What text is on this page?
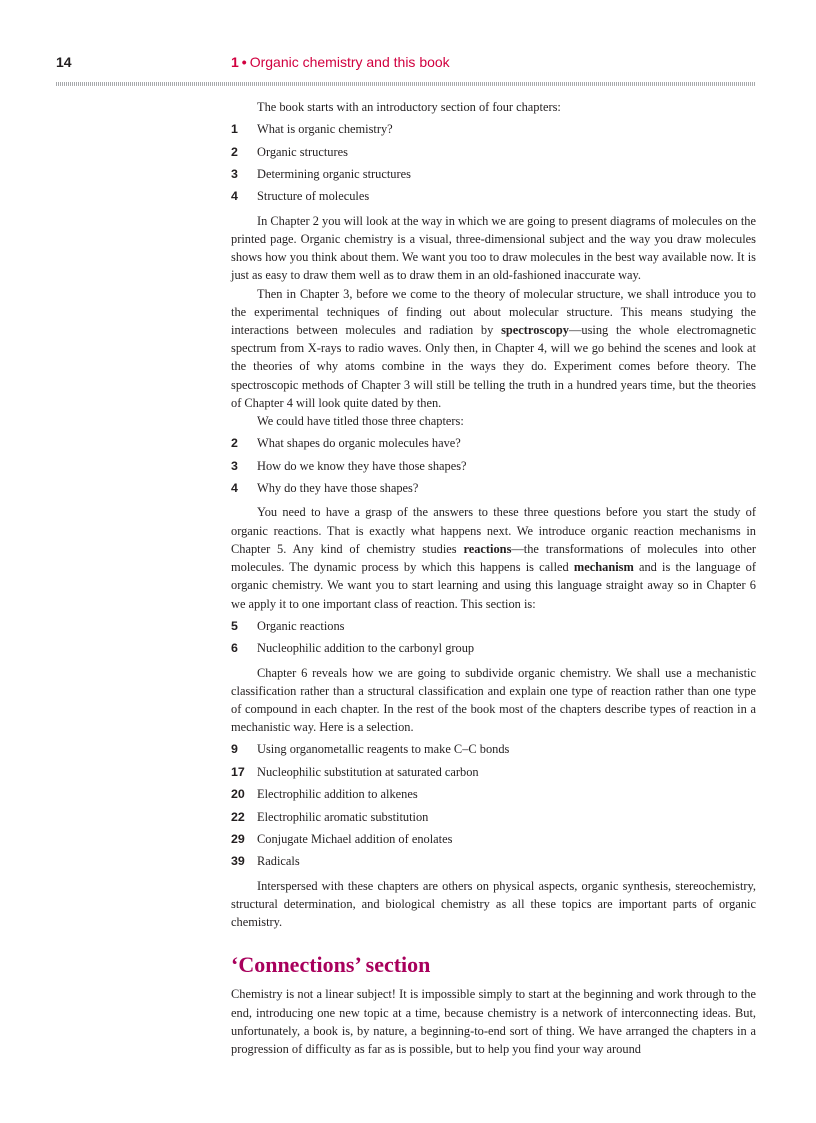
14	1 • Organic chemistry and this book

The book starts with an introductory section of four chapters:

1	What is organic chemistry?
2	Organic structures
3	Determining organic structures
4	Structure of molecules

In Chapter 2 you will look at the way in which we are going to present diagrams of molecules on the printed page. Organic chemistry is a visual, three-dimensional subject and the way you draw molecules shows how you think about them. We want you too to draw molecules in the best way available now. It is just as easy to draw them well as to draw them in an old-fashioned inaccurate way.

Then in Chapter 3, before we come to the theory of molecular structure, we shall introduce you to the experimental techniques of finding out about molecular structure. This means studying the interactions between molecules and radiation by spectroscopy—using the whole electromagnetic spectrum from X-rays to radio waves. Only then, in Chapter 4, will we go behind the scenes and look at the theories of why atoms combine in the ways they do. Experiment comes before theory. The spectroscopic methods of Chapter 3 will still be telling the truth in a hundred years time, but the theories of Chapter 4 will look quite dated by then.

We could have titled those three chapters:

2	What shapes do organic molecules have?
3	How do we know they have those shapes?
4	Why do they have those shapes?

You need to have a grasp of the answers to these three questions before you start the study of organic reactions. That is exactly what happens next. We introduce organic reaction mechanisms in Chapter 5. Any kind of chemistry studies reactions—the transformations of molecules into other molecules. The dynamic process by which this happens is called mechanism and is the language of organic chemistry. We want you to start learning and using this language straight away so in Chapter 6 we apply it to one important class of reaction. This section is:

5	Organic reactions
6	Nucleophilic addition to the carbonyl group

Chapter 6 reveals how we are going to subdivide organic chemistry. We shall use a mechanistic classification rather than a structural classification and explain one type of reaction rather than one type of compound in each chapter. In the rest of the book most of the chapters describe types of reaction in a mechanistic way. Here is a selection.

9	Using organometallic reagents to make C–C bonds
17 Nucleophilic substitution at saturated carbon
20 Electrophilic addition to alkenes
22 Electrophilic aromatic substitution
29 Conjugate Michael addition of enolates
39 Radicals

Interspersed with these chapters are others on physical aspects, organic synthesis, stereochemistry, structural determination, and biological chemistry as all these topics are important parts of organic chemistry.

‘Connections’ section

Chemistry is not a linear subject! It is impossible simply to start at the beginning and work through to the end, introducing one new topic at a time, because chemistry is a network of interconnecting ideas. But, unfortunately, a book is, by nature, a beginning-to-end sort of thing. We have arranged the chapters in a progression of difficulty as far as is possible, but to help you find your way around
